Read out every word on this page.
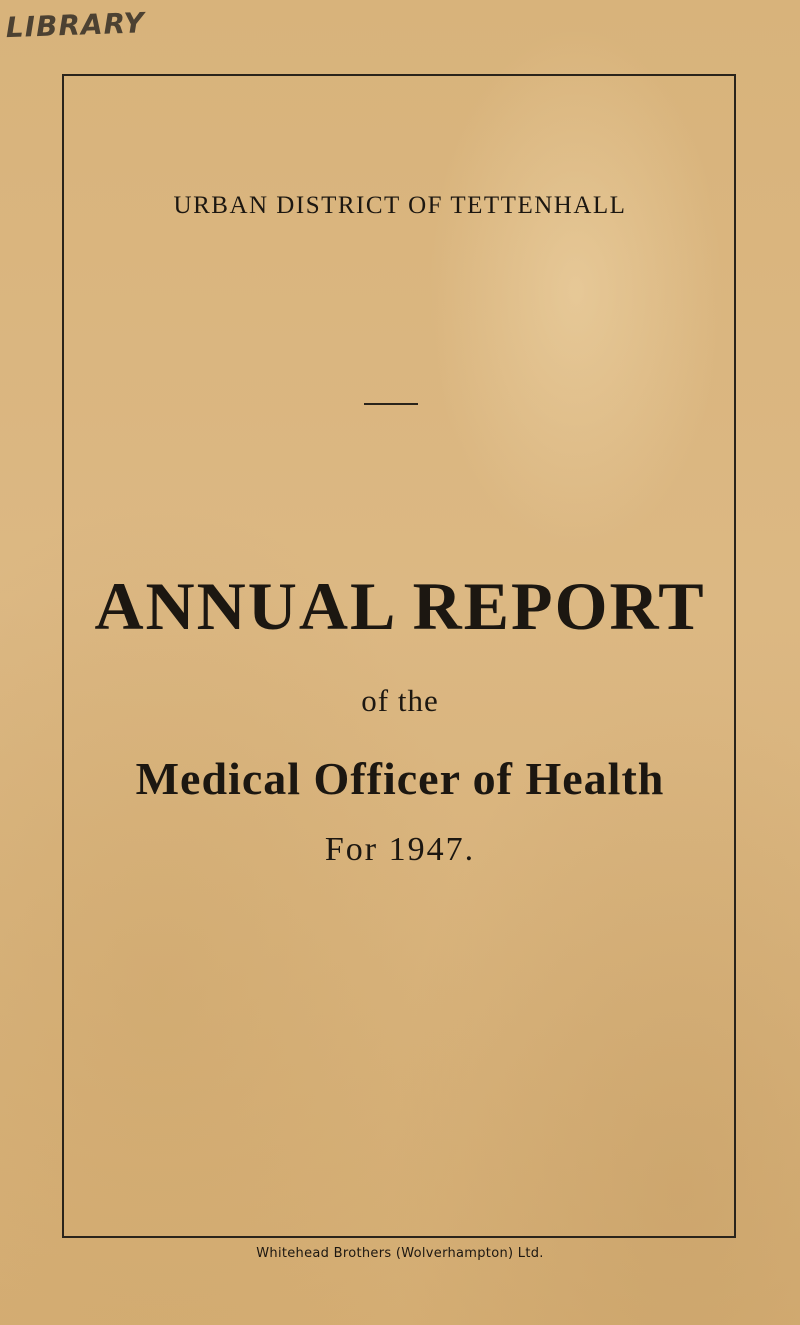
LIBRARY
URBAN DISTRICT OF TETTENHALL
ANNUAL REPORT
of the
Medical Officer of Health
For 1947.
Whitehead Brothers (Wolverhampton) Ltd.
